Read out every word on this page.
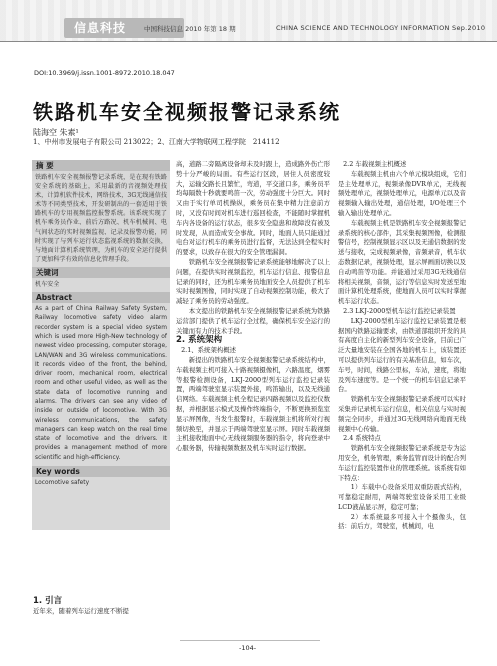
信息科技	中国科技信息 2010 年第 18 期	CHINA SCIENCE AND TECHNOLOGY INFORMATION Sep.2010
DOI:10.3969/j.issn.1001-8972.2010.18.047
铁路机车安全视频报警记录系统
陆海空 朱素¹
1、中州市发展电子有限公司 213022；2、江南大学物联网工程学院　214112
摘 要

铁路机车安全视频报警记录系统，是在现有铁路安全系统的基础上，采用最新的音视频处理技术，计算机软件技术，网络技术，3G无线通信技术等不同类型技术，开发研制出的一套适用于铁路机车的专用视频监控报警系统。该系统实现了机车乘务员作业、前后方路况、机车机械间、电气间状态的实时视频监视、记录及报警功能，同时实现了与列车运行状态监视系统的数据交换，与地面计算机系统管理，为机车的安全运行提供了更加科学有效的信息化管理手段。

关键词

机车安全

Abstract

As a part of China Railway Safety System, Railway locomotive safety video alarm recorder system is a special video system which is used more High-New technology of newest video processing, computer storage, LAN/WAN and 3G wireless communications. It records video of the front, the behind, driver room, mechanical room, electrical room and other useful video, as well as the state data of locomotive running and alarms. The drivers can see any video of inside or outside of locomotive. With 3G wireless communications, the safety managers can keep watch on the real time state of locomotive and the drivers. It provides a management method of more scientific and high-efficiency.

Key words

Locomotive safety

1. 引言
近年来，随着列车运行速度不断提

高，道路二旁隔离设备却未及时跟上，造成路外伤亡形势十分严峻的局面。有些运行区段，居住人员密度较大，运输交路长且繁忙，弯道，平交道口多，乘务员平均每隔数十秒就要鸣笛一次，劳动强度十分巨大。同时又由于实行单司机操纵，乘务员在集中精力注意前方时，又没有时间对机车进行巡回检查，不能随时掌握机车内各设备的运行状态，很多安全隐患和故障没有被及时发现，从而造成安全事故。同时，地面人员只能通过电台对运行机车的乘务员进行监督，无法达到全程实时的要求，以致存在很大的安全管理漏洞。

铁路机车安全视频报警记录系统能够地解决了以上问题，在提供实时视频监控，机车运行信息、报警信息记录的同时，还为机车乘务员地面安全人员提供了机车实时视频图像，同时实现了自动视频控制功能，极大了减轻了乘务员的劳动强度。

本文提出的铁路机车安全视频报警记录系统为铁路运营部门提供了机车运行全过程，确保机车安全运行的关键而有力的技术手段。

2. 系统架构

2.1、系统架构概述

新提出的铁路机车安全视频报警记录系统结构中，车载视频主机可接入十路视频摄像机，六路温度，烟雾等报警检测设备，LKJ-2000型列车运行监控记录装置，两端驾驶室显示装置外接，鸣笛输出，以及无线通信网络。车载视频主机全程记录四路视频以及监控仪数据，并根据显示模式及操作终端指令，不断更换预览室显示屏图像，当发生报警时，车载视频主机将所对行视频切换至，并显示于两端驾驶室显示屏。同时车载视频主机接收地面中心无线视频服务器的指令，将向登录中心服务器，传输视频数据及机车实时运行数据。

2.2 车载视频主机概述

车载视频主机由六个单元模块组成，它们是主处理单元，视频录像DVR单元，无线视频处理单元，视频处理单元，电源单元以及音视频输入输出处理，通信处理，I/O处理三个输入输出处理单元。

车载视频主机是铁路机车安全视频报警记录系统的核心部件，其采集视频图像，检测报警信号，控制视频显示区以及无通信数据的发送与接收，完成视频录像，音频录音，机车状态数据记录，视频处理，显示屏画面切换以及自动鸣笛等功能。并能通过采用3G无线通信将相关视频，音频，运行等信息实时发送至地面计算机处理系统，使地面人员可以实时掌握机车运行状态。

2.3 LKJ-2000型机车运行监控记录装置

LKJ-2000型机车运行监控记录装置是根据国内铁路运输要求，由铁道部组织开发的具有高度自主化的新型列车安全设备，目前已广泛大量地安装在全国各地的机车上，该装置还可以提供列车运行的有关基准信息，如车次，车号，时间，线路公里标，车站，速度，将地及列车速度等。是一个统一的机车信息记录平台。

铁路机车安全视频报警记录系统可以实时采集并记录机车运行信息，相关信息与实时视频完全同步，并通过3G无线网络向地面无线视频中心传输。

2.4 系统特点

铁路机车安全视频报警记录系统是专为运用安全，机务管理，乘务监管而设计的配合列车运行监控装置作业的管理系统。该系统有如下特点：

1）车载中心设备采用双重防震式结构，可靠稳定耐用，两端驾驶室设备采用工业级LCD液晶显示屏，稳定可靠；

2）本系统最多可接入十个摄像头，包括：前后方，驾驶室，机械间，电

-104-
